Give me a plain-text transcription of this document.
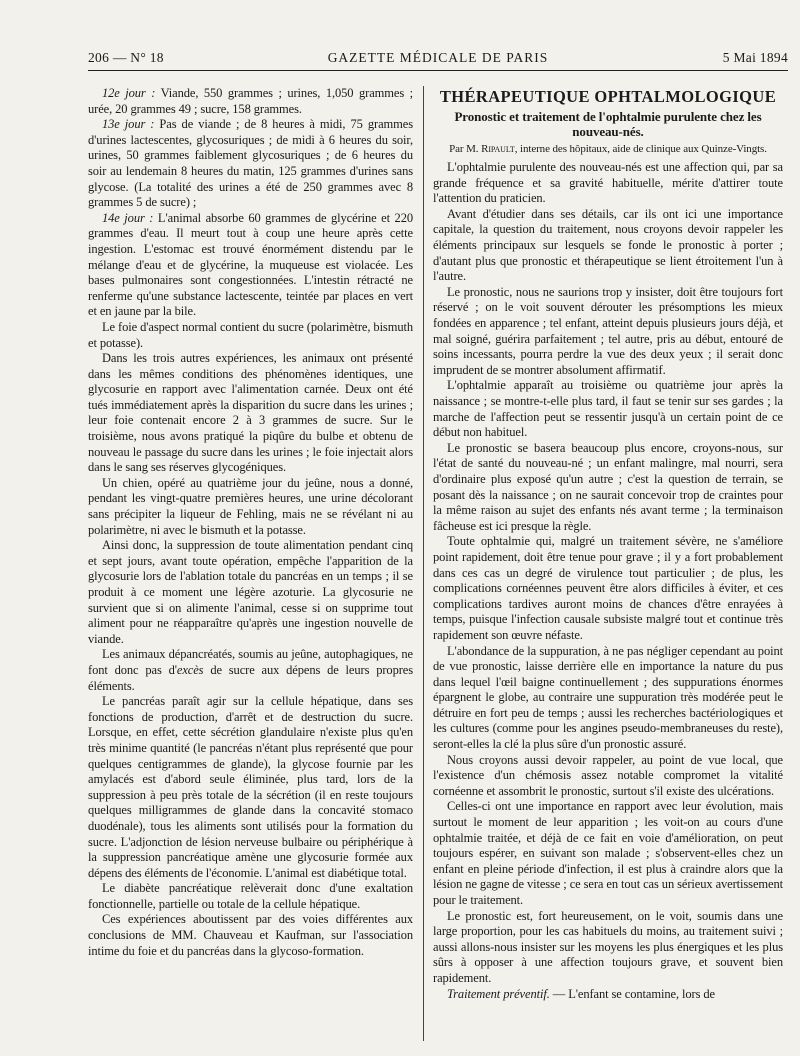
206 — N° 18	GAZETTE MÉDICALE DE PARIS	5 Mai 1894

12e jour : Viande, 550 grammes ; urines, 1,050 grammes ; urée, 20 grammes 49 ; sucre, 158 grammes.

13e jour : Pas de viande ; de 8 heures à midi, 75 grammes d'urines lactescentes, glycosuriques ; de midi à 6 heures du soir, urines, 50 grammes faiblement glycosuriques ; de 6 heures du soir au lendemain 8 heures du matin, 125 grammes d'urines sans glycose. (La totalité des urines a été de 250 grammes avec 8 grammes 5 de sucre) ;

14e jour : L'animal absorbe 60 grammes de glycérine et 220 grammes d'eau. Il meurt tout à coup une heure après cette ingestion. L'estomac est trouvé énormément distendu par le mélange d'eau et de glycérine, la muqueuse est violacée. Les bases pulmonaires sont congestionnées. L'intestin rétracté ne renferme qu'une substance lactescente, teintée par places en vert et en jaune par la bile.

Le foie d'aspect normal contient du sucre (polarimètre, bismuth et potasse).

Dans les trois autres expériences, les animaux ont présenté dans les mêmes conditions des phénomènes identiques, une glycosurie en rapport avec l'alimentation carnée. Deux ont été tués immédiatement après la disparition du sucre dans les urines ; leur foie contenait encore 2 à 3 grammes de sucre. Sur le troisième, nous avons pratiqué la piqûre du bulbe et obtenu de nouveau le passage du sucre dans les urines ; le foie injectait alors dans le sang ses réserves glycogéniques.

Un chien, opéré au quatrième jour du jeûne, nous a donné, pendant les vingt-quatre premières heures, une urine décolorant sans précipiter la liqueur de Fehling, mais ne se révélant ni au polarimètre, ni avec le bismuth et la potasse.

Ainsi donc, la suppression de toute alimentation pendant cinq et sept jours, avant toute opération, empêche l'apparition de la glycosurie lors de l'ablation totale du pancréas en un temps ; il se produit à ce moment une légère azoturie. La glycosurie ne survient que si on alimente l'animal, cesse si on supprime tout aliment pour ne réapparaître qu'après une ingestion nouvelle de viande.

Les animaux dépancréatés, soumis au jeûne, autophagiques, ne font donc pas d'excès de sucre aux dépens de leurs propres éléments.

Le pancréas paraît agir sur la cellule hépatique, dans ses fonctions de production, d'arrêt et de destruction du sucre. Lorsque, en effet, cette sécrétion glandulaire n'existe plus qu'en très minime quantité (le pancréas n'étant plus représenté que pour quelques centigrammes de glande), la glycose fournie par les amylacés est d'abord seule éliminée, plus tard, lors de la suppression à peu près totale de la sécrétion (il en reste toujours quelques milligrammes de glande dans la concavité stomaco duodénale), tous les aliments sont utilisés pour la formation du sucre. L'adjonction de lésion nerveuse bulbaire ou périphérique à la suppression pancréatique amène une glycosurie formée aux dépens des éléments de l'économie. L'animal est diabétique total.

Le diabète pancréatique relèverait donc d'une exaltation fonctionnelle, partielle ou totale de la cellule hépatique.

Ces expériences aboutissent par des voies différentes aux conclusions de MM. Chauveau et Kaufman, sur l'association intime du foie et du pancréas dans la glycoso-formation.

THÉRAPEUTIQUE OPHTALMOLOGIQUE
Pronostic et traitement de l'ophtalmie purulente chez les nouveau-nés.
Par M. Ripault, interne des hôpitaux, aide de clinique aux Quinze-Vingts.

L'ophtalmie purulente des nouveau-nés est une affection qui, par sa grande fréquence et sa gravité habituelle, mérite d'attirer toute l'attention du praticien.

Avant d'étudier dans ses détails, car ils ont ici une importance capitale, la question du traitement, nous croyons devoir rappeler les éléments principaux sur lesquels se fonde le pronostic à porter ; d'autant plus que pronostic et thérapeutique se lient étroitement l'un à l'autre.

Le pronostic, nous ne saurions trop y insister, doit être toujours fort réservé ; on le voit souvent dérouter les présomptions les mieux fondées en apparence ; tel enfant, atteint depuis plusieurs jours déjà, et mal soigné, guérira parfaitement ; tel autre, pris au début, entouré de soins incessants, pourra perdre la vue des deux yeux ; il serait donc imprudent de se montrer absolument affirmatif.

L'ophtalmie apparaît au troisième ou quatrième jour après la naissance ; se montre-t-elle plus tard, il faut se tenir sur ses gardes ; la marche de l'affection peut se ressentir jusqu'à un certain point de ce début non habituel.

Le pronostic se basera beaucoup plus encore, croyons-nous, sur l'état de santé du nouveau-né ; un enfant malingre, mal nourri, sera d'ordinaire plus exposé qu'un autre ; c'est la question de terrain, se posant dès la naissance ; on ne saurait concevoir trop de craintes pour la même raison au sujet des enfants nés avant terme ; la terminaison fâcheuse est ici presque la règle.

Toute ophtalmie qui, malgré un traitement sévère, ne s'améliore point rapidement, doit être tenue pour grave ; il y a fort probablement dans ces cas un degré de virulence tout particulier ; de plus, les complications cornéennes peuvent être alors difficiles à éviter, et ces complications tardives auront moins de chances d'être enrayées à temps, puisque l'infection causale subsiste malgré tout et continue très rapidement son œuvre néfaste.

L'abondance de la suppuration, à ne pas négliger cependant au point de vue pronostic, laisse derrière elle en importance la nature du pus dans lequel l'œil baigne continuellement ; des suppurations énormes épargnent le globe, au contraire une suppuration très modérée peut le détruire en fort peu de temps ; aussi les recherches bactériologiques et les cultures (comme pour les angines pseudo-membraneuses du reste), seront-elles la clé la plus sûre d'un pronostic assuré.

Nous croyons aussi devoir rappeler, au point de vue local, que l'existence d'un chémosis assez notable compromet la vitalité cornéenne et assombrit le pronostic, surtout s'il existe des ulcérations.

Celles-ci ont une importance en rapport avec leur évolution, mais surtout le moment de leur apparition ; les voit-on au cours d'une ophtalmie traitée, et déjà de ce fait en voie d'amélioration, on peut toujours espérer, en suivant son malade ; s'observent-elles chez un enfant en pleine période d'infection, il est plus à craindre alors que la lésion ne gagne de vitesse ; ce sera en tout cas un sérieux avertissement pour le traitement.

Le pronostic est, fort heureusement, on le voit, soumis dans une large proportion, pour les cas habituels du moins, au traitement suivi ; aussi allons-nous insister sur les moyens les plus énergiques et les plus sûrs à opposer à une affection toujours grave, et souvent bien rapidement.

Traitement préventif. — L'enfant se contamine, lors de
